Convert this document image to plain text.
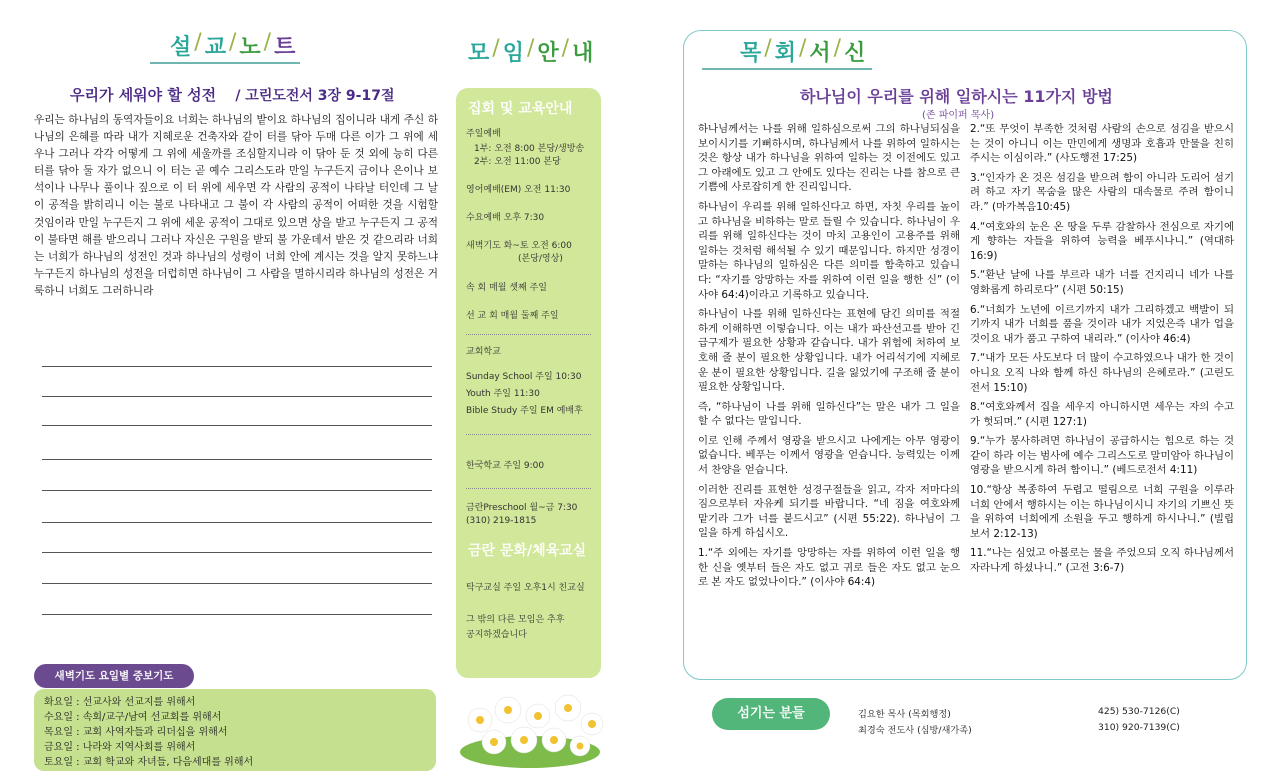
설 / 교 / 노 / 트
우리가 세워야 할 성전 / 고린도전서 3장 9-17절
우리는 하나님의 동역자들이요 너희는 하나님의 밭이요 하나님의 집이니라 내게 주신 하나님의 은혜를 따라 내가 지혜로운 건축자와 같이 터를 닦아 두매 다른 이가 그 위에 세우나 그러나 각각 어떻게 그 위에 세울까를 조심할지니라 이 닦아 둔 것 외에 능히 다른 터를 닦아 둘 자가 없으니 이 터는 곧 예수 그리스도라 만일 누구든지 금이나 은이나 보석이나 나무나 풀이나 짚으로 이 터 위에 세우면 각 사람의 공적이 나타날 터인데 그 날이 공적을 밝히리니 이는 불로 나타내고 그 불이 각 사람의 공적이 어떠한 것을 시험할 것임이라 만일 누구든지 그 위에 세운 공적이 그대로 있으면 상을 받고 누구든지 그 공적이 불타면 해를 받으리니 그러나 자신은 구원을 받되 불 가운데서 받은 것 같으리라 너희는 너희가 하나님의 성전인 것과 하나님의 성령이 너희 안에 계시는 것을 알지 못하느냐 누구든지 하나님의 성전을 더럽히면 하나님이 그 사람을 멸하시리라 하나님의 성전은 거룩하니 너희도 그러하니라
화요일 : 선교사와 선교지를 위해서
수요일 : 속회/교구/남여 선교회를 위해서
목요일 : 교회 사역자들과 리더십을 위해서
금요일 : 나라와 지역사회를 위해서
토요일 : 교회 학교와 자녀들, 다음세대를 위해서
새벽기도 요일별 중보기도
모 / 임 / 안 / 내
집회 및 교육안내
주일예배
1부: 오전 8:00 본당/생방송
2부: 오전 11:00 본당
영어예배(EM) 오전 11:30
수요예배 오후 7:30
새벽기도 화~토 오전 6:00
(본당/영상)
속 회 매월 셋째 주일
선 교 회 매월 둘째 주일
교회학교
Sunday School 주일 10:30
Youth 주일 11:30
Bible Study 주일 EM 예배후
한국학교 주일 9:00
금란Preschool 월~금 7:30
(310) 219-1815
금란 문화/체육교실
탁구교실 주일 오후1시 친교실
그 밖의 다른 모임은 추후
공지하겠습니다
목 / 회 / 서 / 신
하나님이 우리를 위해 일하시는 11가지 방법
(존 파이퍼 목사)

하나님께서는 나를 위해 일하심으로써 그의 하나님되심을 보이시기를 기뻐하시며, 하나님께서 나를 위하여 일하시는 것은 항상 내가 하나님을 위하여 일하는 것 이전에도 있고 그 아래에도 있고 그 안에도 있다는 진리는 나를 참으로 큰 기쁨에 사로잡히게 한 진리입니다.

하나님이 우리를 위해 일하신다고 하면, 자칫 우리를 높이고 하나님을 비하하는 말로 들릴 수 있습니다. 하나님이 우리를 위해 일하신다는 것이 마치 고용인이 고용주를 위해 일하는 것처럼 해석될 수 있기 때문입니다. 하지만 성경이 말하는 하나님의 일하심은 다른 의미를 함축하고 있습니다: “자기를 앙망하는 자를 위하여 이런 일을 행한 신” (이사야 64:4)이라고 기록하고 있습니다.

하나님이 나를 위해 일하신다는 표현에 담긴 의미를 적절하게 이해하면 이렇습니다. 이는 내가 파산선고를 받아 긴급구제가 필요한 상황과 같습니다. 내가 위험에 처하여 보호해 줄 분이 필요한 상황입니다. 내가 어리석기에 지혜로운 분이 필요한 상황입니다. 길을 잃었기에 구조해 줄 분이 필요한 상황입니다.

즉, “하나님이 나를 위해 일하신다”는 말은 내가 그 일을 할 수 없다는 말입니다.

이로 인해 주께서 영광을 받으시고 나에게는 아무 영광이 없습니다. 베푸는 이께서 영광을 얻습니다. 능력있는 이께서 찬양을 얻습니다.

이러한 진리를 표현한 성경구절들을 읽고, 각자 저마다의 짐으로부터 자유케 되기를 바랍니다. “네 짐을 여호와께 맡기라 그가 너를 붙드시고” (시편 55:22). 하나님이 그 일을 하게 하십시오.

1.“주 외에는 자기를 앙망하는 자를 위하여 이런 일을 행한 신을 옛부터 들은 자도 없고 귀로 들은 자도 없고 눈으로 본 자도 없었나이다.” (이사야 64:4)

2.“또 무엇이 부족한 것처럼 사람의 손으로 섬김을 받으시는 것이 아니니 이는 만민에게 생명과 호흡과 만물을 친히 주시는 이심이라.” (사도행전 17:25)

3.“인자가 온 것은 섬김을 받으려 함이 아니라 도리어 섬기려 하고 자기 목숨을 많은 사람의 대속물로 주려 함이니라.” (마가복음10:45)

4.“여호와의 눈은 온 땅을 두루 감찰하사 전심으로 자기에게 향하는 자들을 위하여 능력을 베푸시나니.” (역대하 16:9)

5.“환난 날에 나를 부르라 내가 너를 건지리니 네가 나를 영화롭게 하리로다” (시편 50:15)

6.“너희가 노년에 이르기까지 내가 그리하겠고 백발이 되기까지 내가 너희를 품을 것이라 내가 지었은즉 내가 업을 것이요 내가 품고 구하여 내리라.” (이사야 46:4)

7.“내가 모든 사도보다 더 많이 수고하였으나 내가 한 것이 아니요 오직 나와 함께 하신 하나님의 은혜로라.” (고린도전서 15:10)

8.“여호와께서 집을 세우지 아니하시면 세우는 자의 수고가 헛되며.” (시편 127:1)

9.“누가 봉사하려면 하나님이 공급하시는 힘으로 하는 것 같이 하라 이는 범사에 예수 그리스도로 말미암아 하나님이 영광을 받으시게 하려 함이니.” (베드로전서 4:11)

10.“항상 복종하여 두렵고 떨림으로 너희 구원을 이루라 너희 안에서 행하시는 이는 하나님이시니 자기의 기쁘신 뜻을 위하여 너희에게 소원을 두고 행하게 하시나니.” (빌립보서 2:12-13)

11.“나는 심었고 아볼로는 물을 주었으되 오직 하나님께서 자라나게 하셨나니.” (고전 3:6-7)

섬기는 분들	김요한 목사 (목회행정)	425) 530-7126(C)
최경숙 전도사 (심방/새가족)	310) 920-7139(C)
